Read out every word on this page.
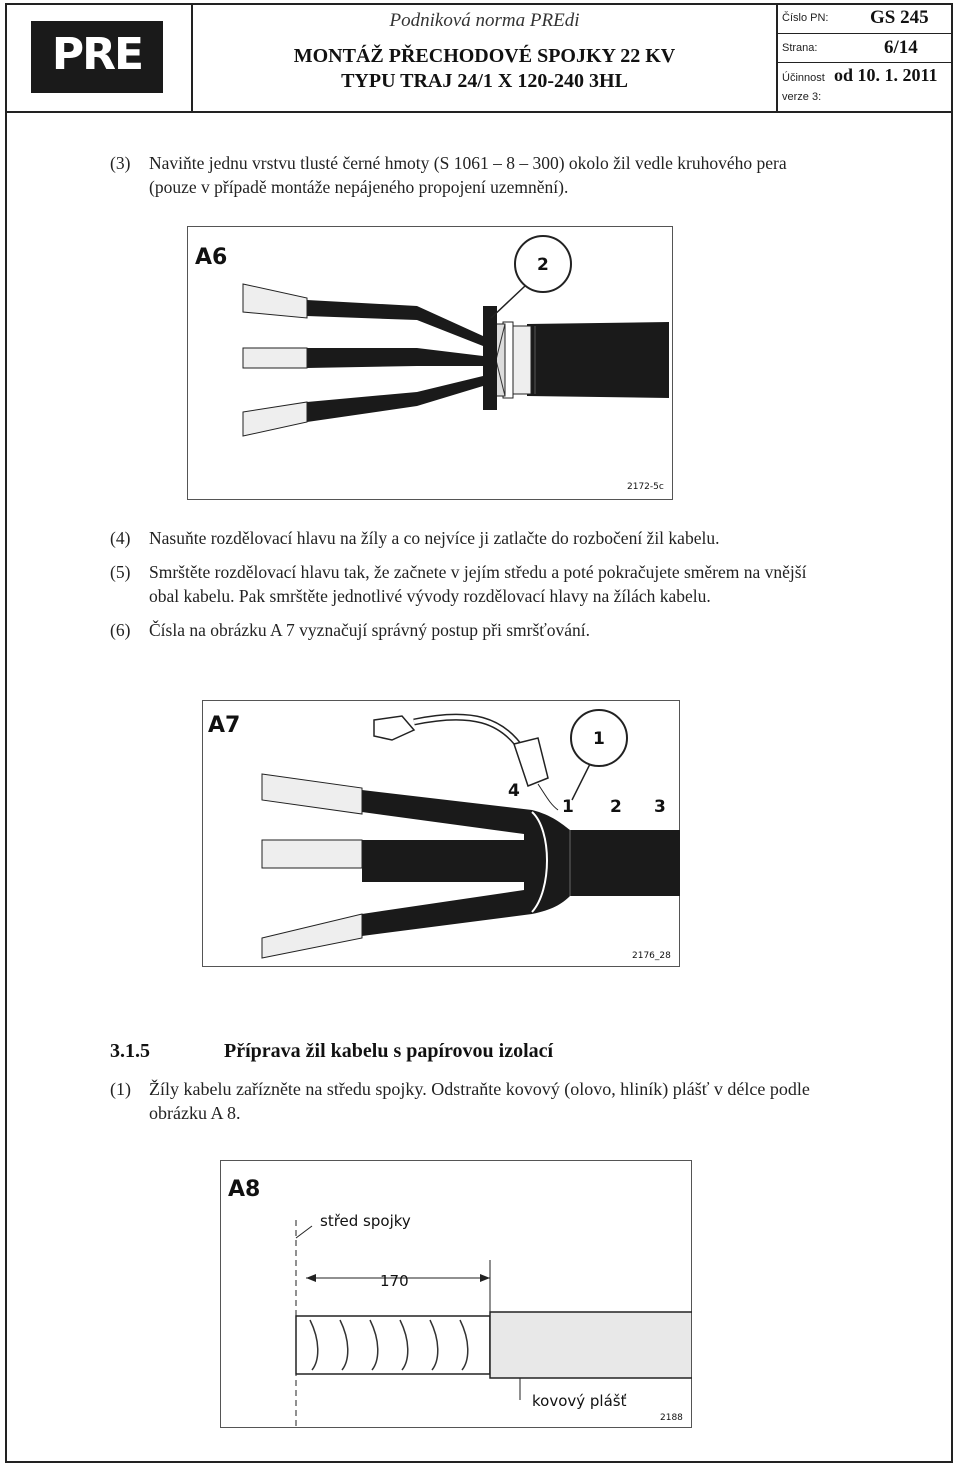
PRE
Podniková norma PREdi
MONTÁŽ PŘECHODOVÉ SPOJKY 22 KV
TYPU TRAJ 24/1 X 120-240 3HL
Číslo PN: GS 245
Strana:	6/14
Účinnost od 10. 1. 2011
verze 3:
(3) Naviňte jednu vrstvu tlusté černé hmoty (S 1061 – 8 – 300) okolo žil vedle kruhového pera
(pouze v případě montáže nepájeného propojení uzemnění).
A6	2
2172-5c
(4) Nasuňte rozdělovací hlavu na žíly a co nejvíce ji zatlačte do rozbočení žil kabelu.
(5) Smrštěte rozdělovací hlavu tak, že začnete v jejím středu a poté pokračujete směrem na vnější
obal kabelu. Pak smrštěte jednotlivé vývody rozdělovací hlavy na žílách kabelu.
(6) Čísla na obrázku A 7 vyznačují správný postup při smršťování.
A7
1
1 2 3
4
2176_28
3.1.5	Příprava žil kabelu s papírovou izolací
(1) Žíly kabelu zařízněte na středu spojky. Odstraňte kovový (olovo, hliník) plášť v délce podle
obrázku A 8.
A8
střed spojky
170
kovový plášť
2188
